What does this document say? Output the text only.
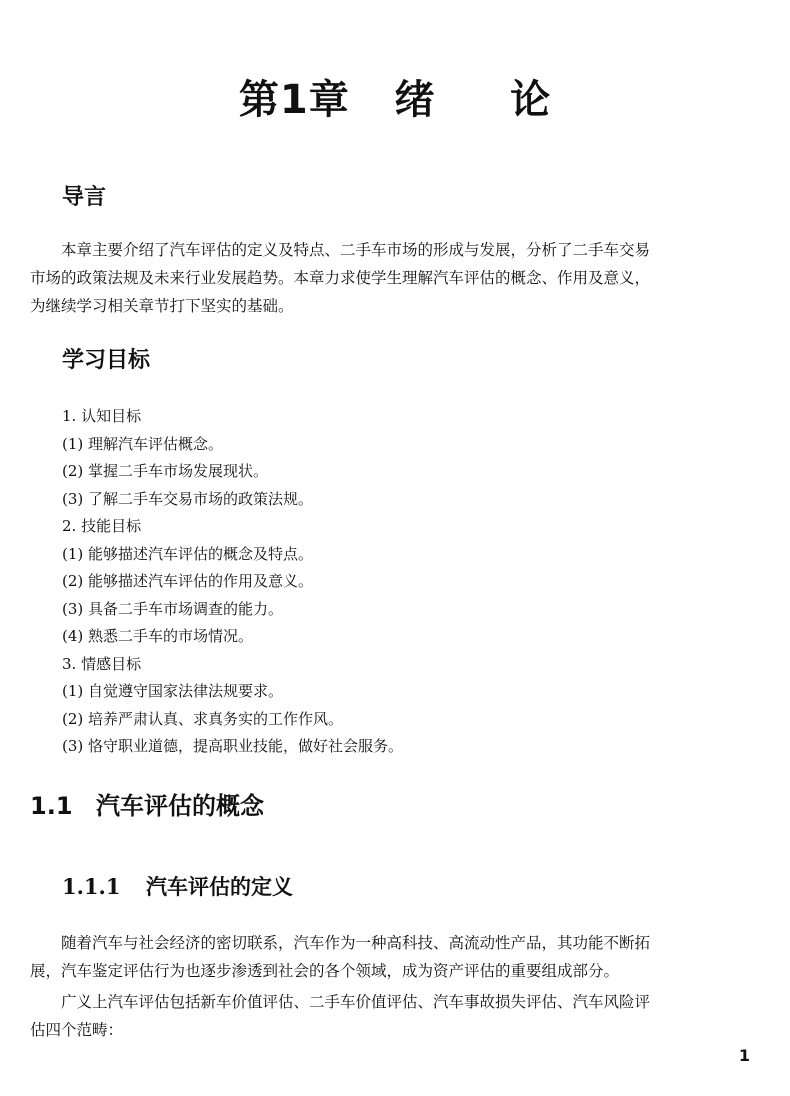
第1章   绪     论
导言

本章主要介绍了汽车评估的定义及特点、二手车市场的形成与发展，分析了二手车交易
市场的政策法规及未来行业发展趋势。本章力求使学生理解汽车评估的概念、作用及意义，
为继续学习相关章节打下坚实的基础。

学习目标
1. 认知目标
(1) 理解汽车评估概念。
(2) 掌握二手车市场发展现状。
(3) 了解二手车交易市场的政策法规。
2. 技能目标
(1) 能够描述汽车评估的概念及特点。
(2) 能够描述汽车评估的作用及意义。
(3) 具备二手车市场调查的能力。
(4) 熟悉二手车的市场情况。
3. 情感目标
(1) 自觉遵守国家法律法规要求。
(2) 培养严肃认真、求真务实的工作作风。
(3) 恪守职业道德，提高职业技能，做好社会服务。
1.1 汽车评估的概念
1.1.1 汽车评估的定义

随着汽车与社会经济的密切联系，汽车作为一种高科技、高流动性产品，其功能不断拓
展，汽车鉴定评估行为也逐步渗透到社会的各个领域，成为资产评估的重要组成部分。

广义上汽车评估包括新车价值评估、二手车价值评估、汽车事故损失评估、汽车风险评
估四个范畴：

1
